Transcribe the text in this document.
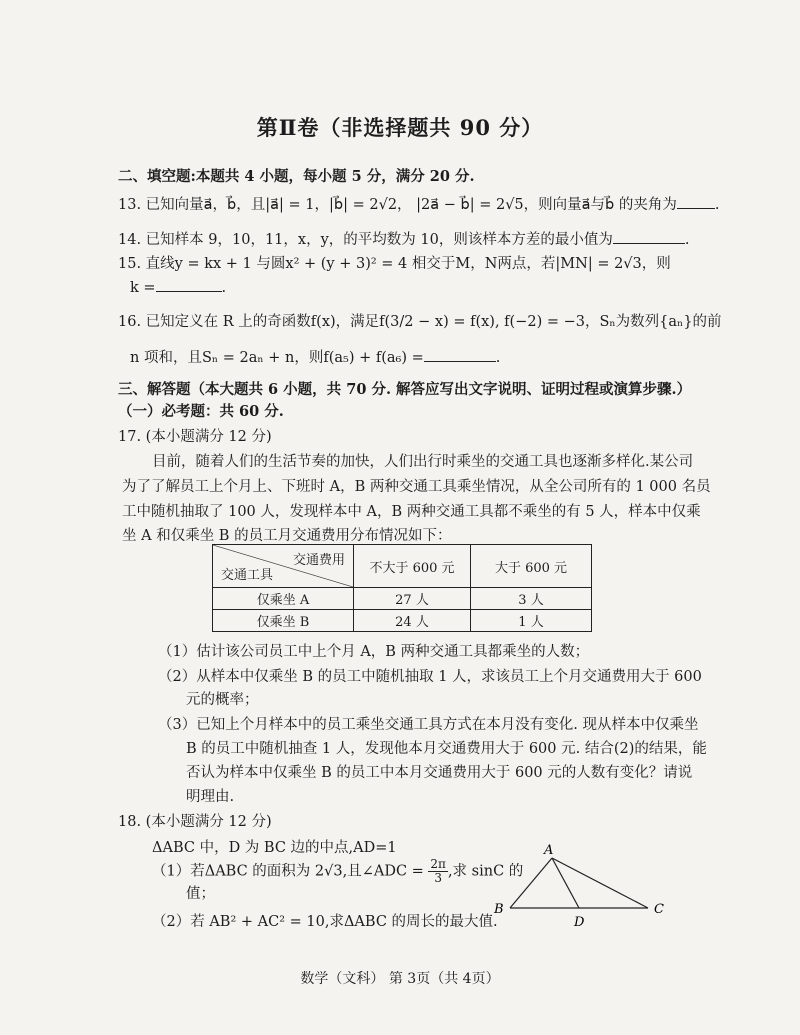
第Ⅱ卷（非选择题共 90 分）
二、填空题:本题共 4 小题，每小题 5 分，满分 20 分.
13. 已知向量a⃗，b⃗，且|a⃗| = 1，|b⃗| = 2√2， |2a⃗ − b⃗| = 2√5，则向量a⃗与b⃗ 的夹角为	.
14. 已知样本 9，10，11，x，y，的平均数为 10，则该样本方差的最小值为	.
15. 直线y = kx + 1 与圆x² + (y + 3)² = 4 相交于M，N两点，若|MN| = 2√3，则
k =	.
16. 已知定义在 R 上的奇函数f(x)，满足f(3/2 − x) = f(x), f(−2) = −3，Sₙ为数列{aₙ}的前
n 项和，且Sₙ = 2aₙ + n，则f(a₅) + f(a₆) =	.
三、解答题（本大题共 6 小题，共 70 分. 解答应写出文字说明、证明过程或演算步骤.）
（一）必考题：共 60 分.
17. (本小题满分 12 分)
目前，随着人们的生活节奏的加快，人们出行时乘坐的交通工具也逐渐多样化.某公司
为了了解员工上个月上、下班时 A，B 两种交通工具乘坐情况，从全公司所有的 1 000 名员
工中随机抽取了 100 人，发现样本中 A，B 两种交通工具都不乘坐的有 5 人，样本中仅乘
坐 A 和仅乘坐 B 的员工月交通费用分布情况如下：
交通费用
交通工具	不大于 600 元	大于 600 元
仅乘坐 A	27 人	3 人
仅乘坐 B	24 人	1 人
（1）估计该公司员工中上个月 A，B 两种交通工具都乘坐的人数；
（2）从样本中仅乘坐 B 的员工中随机抽取 1 人，求该员工上个月交通费用大于 600
元的概率；
（3）已知上个月样本中的员工乘坐交通工具方式在本月没有变化. 现从样本中仅乘坐
B 的员工中随机抽查 1 人，发现他本月交通费用大于 600 元. 结合(2)的结果，能
否认为样本中仅乘坐 B 的员工中本月交通费用大于 600 元的人数有变化？请说
明理由.
18. (本小题满分 12 分)
ΔABC 中，D 为 BC 边的中点,AD=1
（1）若ΔABC 的面积为 2√3,且∠ADC = $\frac{2\pi}{3}$ ,求 sinC 的
值；
（2）若 AB² + AC² = 10,求ΔABC 的周长的最大值.
A
B	C
D
数学（文科） 第 3页（共 4页）
